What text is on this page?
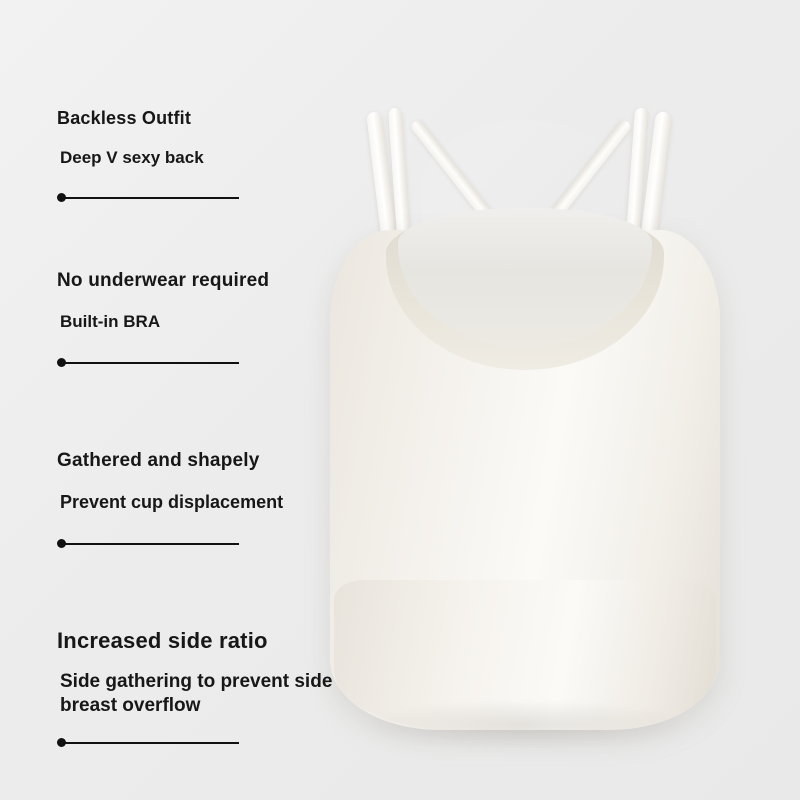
Backless Outfit
Deep V sexy back
No underwear required
Built-in BRA
Gathered and shapely
Prevent cup displacement
Increased side ratio
Side gathering to prevent side breast overflow
